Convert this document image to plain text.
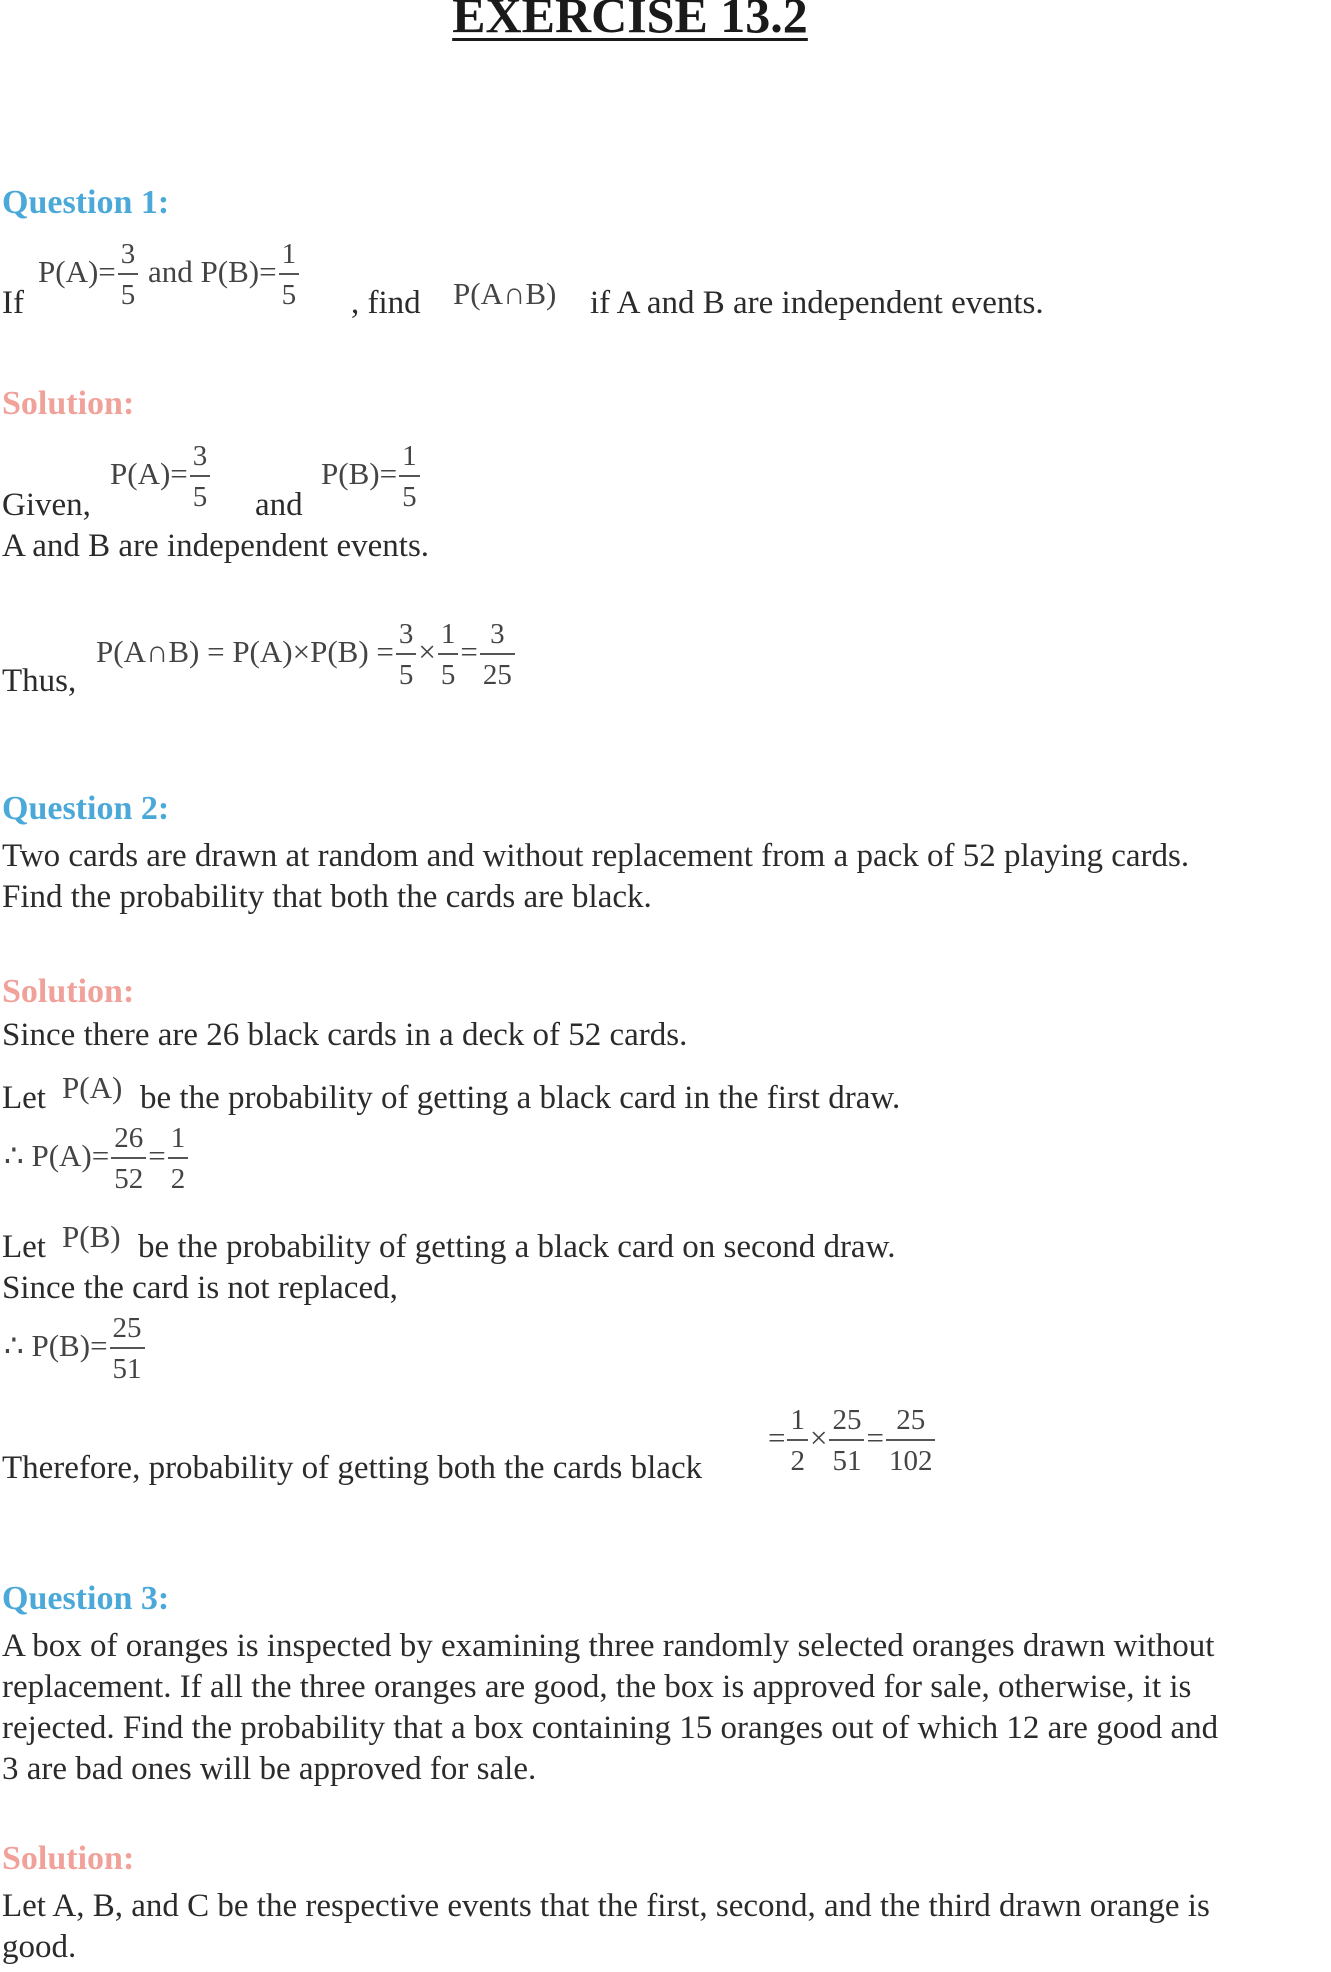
EXERCISE 13.2
Question 1:
If
$P(A)= \frac{3}{5}$ and $P(B)= \frac{1}{5}$ , find P(A∩B) if A and B are independent events.
Solution:
Given,
$P(A)= \frac{3}{5}$ and
$P(B)= \frac{1}{5}$
A and B are independent events.
Thus,
P(A∩B) = $P(A)\times P(B) = \frac{3}{5} \times \frac{1}{5} = \frac{3}{25}$
Question 2:
Two cards are drawn at random and without replacement from a pack of 52 playing cards.
Find the probability that both the cards are black.
Solution:
Since there are 26 black cards in a deck of 52 cards.
Let P(A) be the probability of getting a black card in the first draw.
∴ $P(A)= \frac{26}{52} = \frac{1}{2}$
Let P(B) be the probability of getting a black card on second draw.
Since the card is not replaced,
∴ $P(B)= \frac{25}{51}$
Therefore, probability of getting both the cards black
= $\frac{1}{2} \times \frac{25}{51} = \frac{25}{102}$
Question 3:
A box of oranges is inspected by examining three randomly selected oranges drawn without
replacement. If all the three oranges are good, the box is approved for sale, otherwise, it is
rejected. Find the probability that a box containing 15 oranges out of which 12 are good and
3 are bad ones will be approved for sale.
Solution:
Let A, B, and C be the respective events that the first, second, and the third drawn orange is
good.
